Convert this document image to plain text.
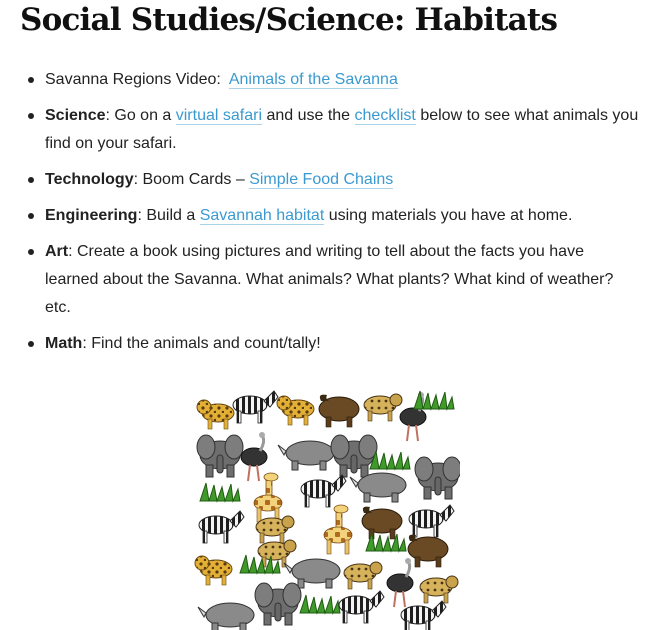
Social Studies/Science: Habitats
Savanna Regions Video:  Animals of the Savanna
Science: Go on a virtual safari and use the checklist below to see what animals you find on your safari.
Technology: Boom Cards – Simple Food Chains
Engineering: Build a Savannah habitat using materials you have at home.
Art: Create a book using pictures and writing to tell about the facts you have learned about the Savanna. What animals? What plants? What kind of weather? etc.
Math: Find the animals and count/tally!
